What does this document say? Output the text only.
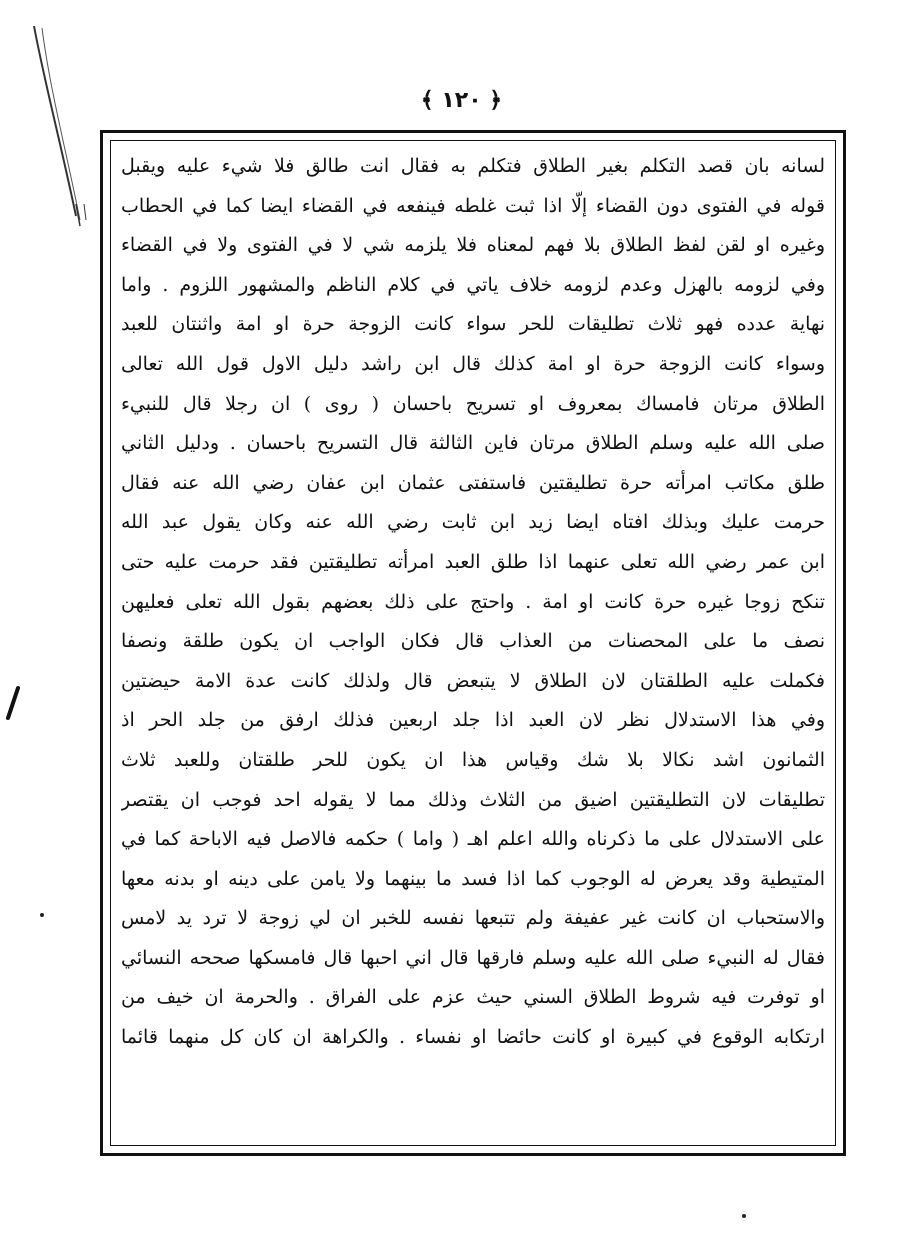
﴾ ١٢٠ ﴿
لسانه بان قصد التكلم بغير الطلاق فتكلم به فقال انت طالق فلا شيء عليه ويقبل
قوله في الفتوى دون القضاء إلّا اذا ثبت غلطه فينفعه في القضاء ايضا كما في الحطاب
وغيره او لقن لفظ الطلاق بلا فهم لمعناه فلا يلزمه شي لا في الفتوى ولا في القضاء
وفي لزومه بالهزل وعدم لزومه خلاف ياتي في كلام الناظم والمشهور اللزوم . واما
نهاية عدده فهو ثلاث تطليقات للحر سواء كانت الزوجة حرة او امة واثنتان للعبد
وسواء كانت الزوجة حرة او امة كذلك قال ابن راشد دليل الاول قول الله تعالى
الطلاق مرتان فامساك بمعروف او تسريح باحسان ( روى ) ان رجلا قال للنبيء
صلى الله عليه وسلم الطلاق مرتان فاين الثالثة قال التسريح باحسان . ودليل الثاني
طلق مكاتب امرأته حرة تطليقتين فاستفتى عثمان ابن عفان رضي الله عنه فقال
حرمت عليك وبذلك افتاه ايضا زيد ابن ثابت رضي الله عنه وكان يقول عبد الله
ابن عمر رضي الله تعلى عنهما اذا طلق العبد امرأته تطليقتين فقد حرمت عليه حتى
تنكح زوجا غيره حرة كانت او امة . واحتج على ذلك بعضهم بقول الله تعلى فعليهن
نصف ما على المحصنات من العذاب قال فكان الواجب ان يكون طلقة ونصفا
فكملت عليه الطلقتان لان الطلاق لا يتبعض قال ولذلك كانت عدة الامة حيضتين
وفي هذا الاستدلال نظر لان العبد اذا جلد اربعين فذلك ارفق من جلد الحر اذ
الثمانون اشد نكالا بلا شك وقياس هذا ان يكون للحر طلقتان وللعبد ثلاث
تطليقات لان التطليقتين اضيق من الثلاث وذلك مما لا يقوله احد فوجب ان يقتصر
على الاستدلال على ما ذكرناه والله اعلم اهـ ( واما ) حكمه فالاصل فيه الاباحة كما في
المتيطية وقد يعرض له الوجوب كما اذا فسد ما بينهما ولا يامن على دينه او بدنه معها
والاستحباب ان كانت غير عفيفة ولم تتبعها نفسه للخبر ان لي زوجة لا ترد يد لامس
فقال له النبيء صلى الله عليه وسلم فارقها قال اني احبها قال فامسكها صححه النسائي
او توفرت فيه شروط الطلاق السني حيث عزم على الفراق . والحرمة ان خيف من
ارتكابه الوقوع في كبيرة او كانت حائضا او نفساء . والكراهة ان كان كل منهما قائما
